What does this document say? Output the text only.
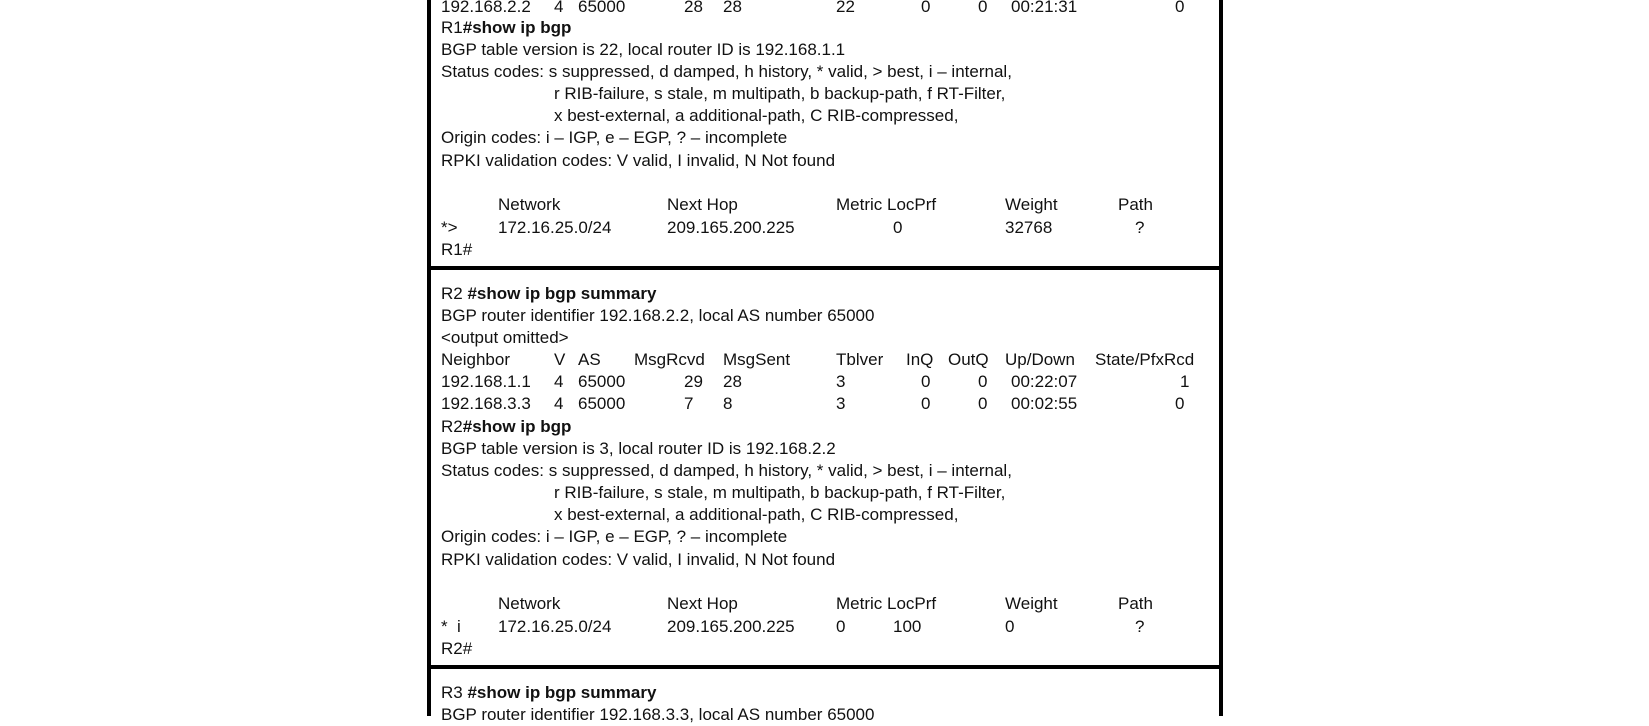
192.168.2.2 4 65000	28 28	22	0	0 00:21:31	0
R1#show ip bgp
BGP table version is 22, local router ID is 192.168.1.1
Status codes: s suppressed, d damped, h history, * valid, > best, i – internal,
r RIB-failure, s stale, m multipath, b backup-path, f RT-Filter,
x best-external, a additional-path, C RIB-compressed,
Origin codes: i – IGP, e – EGP, ? – incomplete
RPKI validation codes: V valid, I invalid, N Not found
Network	Next Hop	Metric LocPrf	Weight	Path
*> 172.16.25.0/24	209.165.200.225	0	32768	?
R1#
R2 #show ip bgp summary
BGP router identifier 192.168.2.2, local AS number 65000
<output omitted>
Neighbor	V AS MsgRcvd MsgSent	Tblver InQ OutQ Up/Down State/PfxRcd
192.168.1.1 4 65000	29 28	3	0	0 00:22:07	1
192.168.3.3 4 65000	7 8	3	0	0 00:02:55	0
R2#show ip bgp
BGP table version is 3, local router ID is 192.168.2.2
Status codes: s suppressed, d damped, h history, * valid, > best, i – internal,
r RIB-failure, s stale, m multipath, b backup-path, f RT-Filter,
x best-external, a additional-path, C RIB-compressed,
Origin codes: i – IGP, e – EGP, ? – incomplete
RPKI validation codes: V valid, I invalid, N Not found
Network	Next Hop	Metric LocPrf	Weight	Path
*  i 172.16.25.0/24	209.165.200.225 0	100	0	?
R2#
R3 #show ip bgp summary
BGP router identifier 192.168.3.3, local AS number 65000
